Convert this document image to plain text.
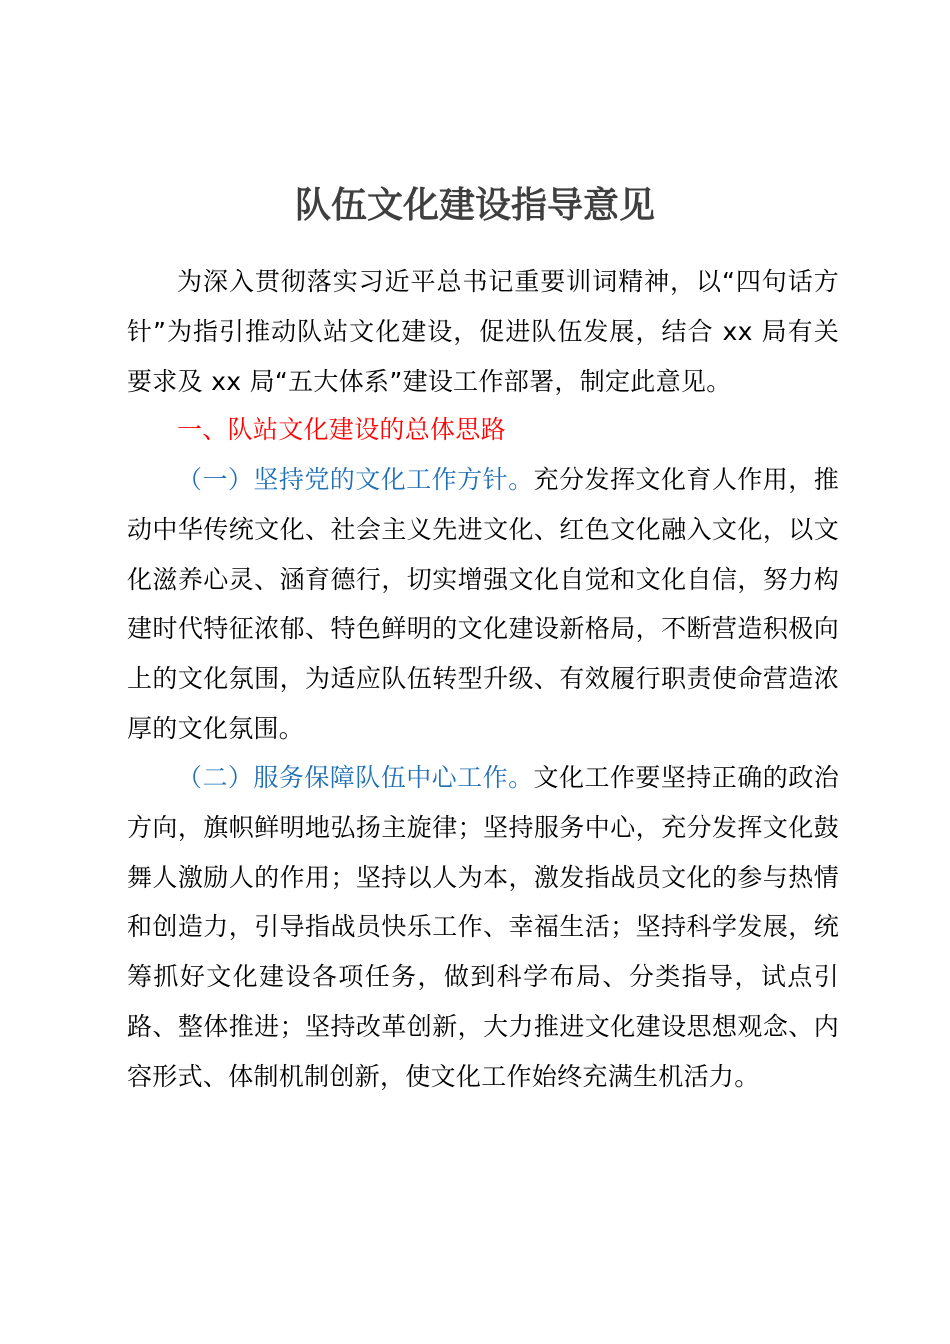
队伍文化建设指导意见

为深入贯彻落实习近平总书记重要训词精神，以“四句话方针”为指引推动队站文化建设，促进队伍发展，结合 xx 局有关要求及 xx 局“五大体系”建设工作部署，制定此意见。

一、队站文化建设的总体思路

（一）坚持党的文化工作方针。充分发挥文化育人作用，推动中华传统文化、社会主义先进文化、红色文化融入文化，以文化滋养心灵、涵育德行，切实增强文化自觉和文化自信，努力构建时代特征浓郁、特色鲜明的文化建设新格局，不断营造积极向上的文化氛围，为适应队伍转型升级、有效履行职责使命营造浓厚的文化氛围。

（二）服务保障队伍中心工作。文化工作要坚持正确的政治方向，旗帜鲜明地弘扬主旋律；坚持服务中心，充分发挥文化鼓舞人激励人的作用；坚持以人为本，激发指战员文化的参与热情和创造力，引导指战员快乐工作、幸福生活；坚持科学发展，统筹抓好文化建设各项任务，做到科学布局、分类指导，试点引路、整体推进；坚持改革创新，大力推进文化建设思想观念、内容形式、体制机制创新，使文化工作始终充满生机活力。
